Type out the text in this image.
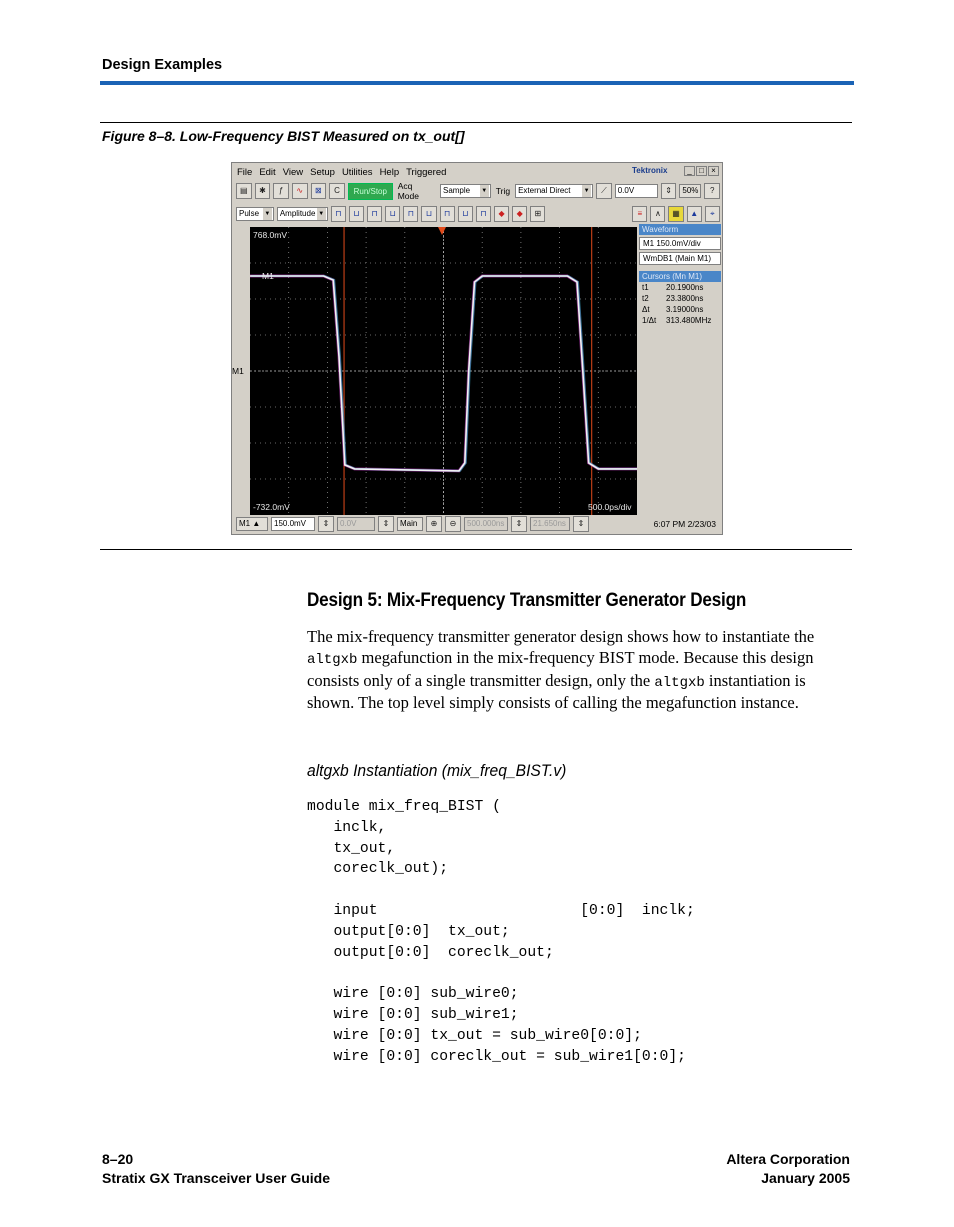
Design Examples
Figure 8–8. Low-Frequency BIST Measured on tx_out[]
File Edit View Setup Utilities Help Triggered	Tektronix	_ □ ×
▤	✱	ƒ	∿	⊠	C	Run/Stop	Acq Mode
Sample ▼	Trig	External Direct ▼	⟋	0.0V	⇕	50%	?
Pulse ▼	Amplitude ▼	⊓	⊔	⊓	⊔	⊓	⊔	⊓	⊔	⊓	◆	◆	⊞	≡	∧	▦	▲	⌖
768.0mV
-732.0mV	500.0ps/div
M1
M1
Waveform
M1 150.0mV/div
WmDB1 (Main M1)
Cursors (Mn M1)
t1	20.1900ns
t2	23.3800ns
Δt	3.19000ns
1/Δt	313.480MHz
M1 ▲	150.0mV	⇕	0.0V	⇕	Main	⊕	⊖	500.000ns	⇕	21.650ns	⇕	6:07 PM 2/23/03
Design 5: Mix-Frequency Transmitter Generator Design
The mix-frequency transmitter generator design shows how to instantiate the altgxb megafunction in the mix-frequency BIST mode. Because this design consists only of a single transmitter design, only the altgxb instantiation is shown. The top level simply consists of calling the megafunction instance.
altgxb Instantiation (mix_freq_BIST.v)
module mix_freq_BIST (
inclk,
tx_out,
coreclk_out);

input                       [0:0]  inclk;
output[0:0]  tx_out;
output[0:0]  coreclk_out;

wire [0:0] sub_wire0;
wire [0:0] sub_wire1;
wire [0:0] tx_out = sub_wire0[0:0];
wire [0:0] coreclk_out = sub_wire1[0:0];
8–20
Stratix GX Transceiver User Guide
Altera Corporation
January 2005
